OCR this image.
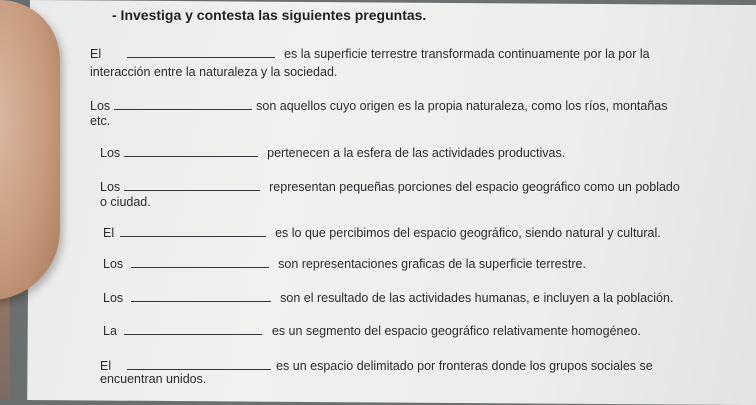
- Investiga y contesta las siguientes preguntas.
El	es la superficie terrestre transformada continuamente por la por la
interacción entre la naturaleza y la sociedad.
Los	son aquellos cuyo origen es la propia naturaleza, como los ríos, montañas
etc.
Los	pertenecen a la esfera de las actividades productivas.
Los	representan pequeñas porciones del espacio geográfico como un poblado
o ciudad.
El	es lo que percibimos del espacio geográfico, siendo natural y cultural.
Los	son representaciones graficas de la superficie terrestre.
Los	son el resultado de las actividades humanas, e incluyen a la población.
La	es un segmento del espacio geográfico relativamente homogéneo.
El	es un espacio delimitado por fronteras donde los grupos sociales se
encuentran unidos.
